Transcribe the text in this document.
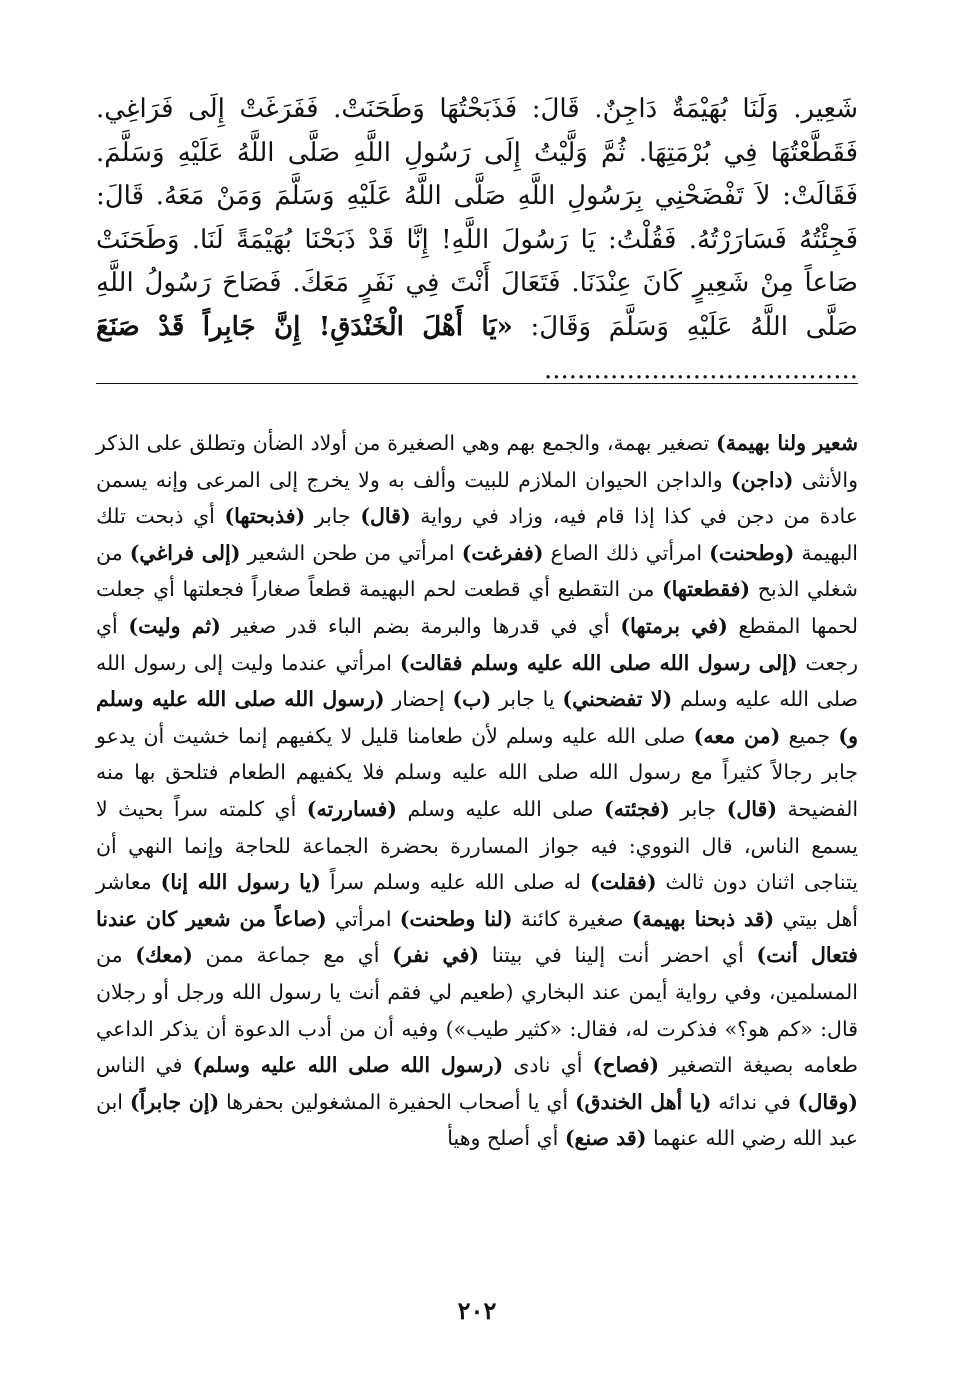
شَعِير. وَلَنَا بُهَيْمَةٌ دَاجِنٌ. قَالَ: فَذَبَحْتُهَا وَطَحَنَتْ. فَفَرَغَتْ إِلَى فَرَاغِي. فَقَطَّعْتُهَا فِي بُرْمَتِهَا. ثُمَّ وَلَّيْتُ إِلَى رَسُولِ اللَّهِ صَلَّى اللَّهُ عَلَيْهِ وَسَلَّمَ. فَقَالَتْ: لاَ تَفْضَحْنِي بِرَسُولِ اللَّهِ صَلَّى اللَّهُ عَلَيْهِ وَسَلَّمَ وَمَنْ مَعَهُ. قَالَ: فَجِئْتُهُ فَسَارَرْتُهُ. فَقُلْتُ: يَا رَسُولَ اللَّهِ! إِنَّا قَدْ ذَبَحْنَا بُهَيْمَةً لَنَا. وَطَحَنَتْ صَاعاً مِنْ شَعِيرٍ كَانَ عِنْدَنَا. فَتَعَالَ أَنْتَ فِي نَفَرٍ مَعَكَ. فَصَاحَ رَسُولُ اللَّهِ صَلَّى اللَّهُ عَلَيْهِ وَسَلَّمَ وَقَالَ: «يَا أَهْلَ الْخَنْدَقِ! إِنَّ جَابِراً قَدْ صَنَعَ ......................................

شعير ولنا بهيمة) تصغير بهمة، والجمع بهم وهي الصغيرة من أولاد الضأن وتطلق على الذكر والأنثى (داجن) والداجن الحيوان الملازم للبيت وألف به ولا يخرج إلى المرعى وإنه يسمن عادة من دجن في كذا إذا قام فيه، وزاد في رواية (قال) جابر (فذبحتها) أي ذبحت تلك البهيمة (وطحنت) امرأتي ذلك الصاع (ففرغت) امرأتي من طحن الشعير (إلى فراغي) من شغلي الذبح (فقطعتها) من التقطيع أي قطعت لحم البهيمة قطعاً صغاراً فجعلتها أي جعلت لحمها المقطع (في برمتها) أي في قدرها والبرمة بضم الباء قدر صغير (ثم وليت) أي رجعت (إلى رسول الله صلى الله عليه وسلم فقالت) امرأتي عندما وليت إلى رسول الله صلى الله عليه وسلم (لا تفضحني) يا جابر (ب) إحضار (رسول الله صلى الله عليه وسلم و) جميع (من معه) صلى الله عليه وسلم لأن طعامنا قليل لا يكفيهم إنما خشيت أن يدعو جابر رجالاً كثيراً مع رسول الله صلى الله عليه وسلم فلا يكفيهم الطعام فتلحق بها منه الفضيحة (قال) جابر (فجئته) صلى الله عليه وسلم (فساررته) أي كلمته سراً بحيث لا يسمع الناس، قال النووي: فيه جواز المساررة بحضرة الجماعة للحاجة وإنما النهي أن يتناجى اثنان دون ثالث (فقلت) له صلى الله عليه وسلم سراً (يا رسول الله إنا) معاشر أهل بيتي (قد ذبحنا بهيمة) صغيرة كائنة (لنا وطحنت) امرأتي (صاعاً من شعير كان عندنا فتعال أنت) أي احضر أنت إلينا في بيتنا (في نفر) أي مع جماعة ممن (معك) من المسلمين، وفي رواية أيمن عند البخاري (طعيم لي فقم أنت يا رسول الله ورجل أو رجلان قال: «كم هو؟» فذكرت له، فقال: «كثير طيب») وفيه أن من أدب الدعوة أن يذكر الداعي طعامه بصيغة التصغير (فصاح) أي نادى (رسول الله صلى الله عليه وسلم) في الناس (وقال) في ندائه (يا أهل الخندق) أي يا أصحاب الحفيرة المشغولين بحفرها (إن جابراً) ابن عبد الله رضي الله عنهما (قد صنع) أي أصلح وهيأ

٢٠٢
